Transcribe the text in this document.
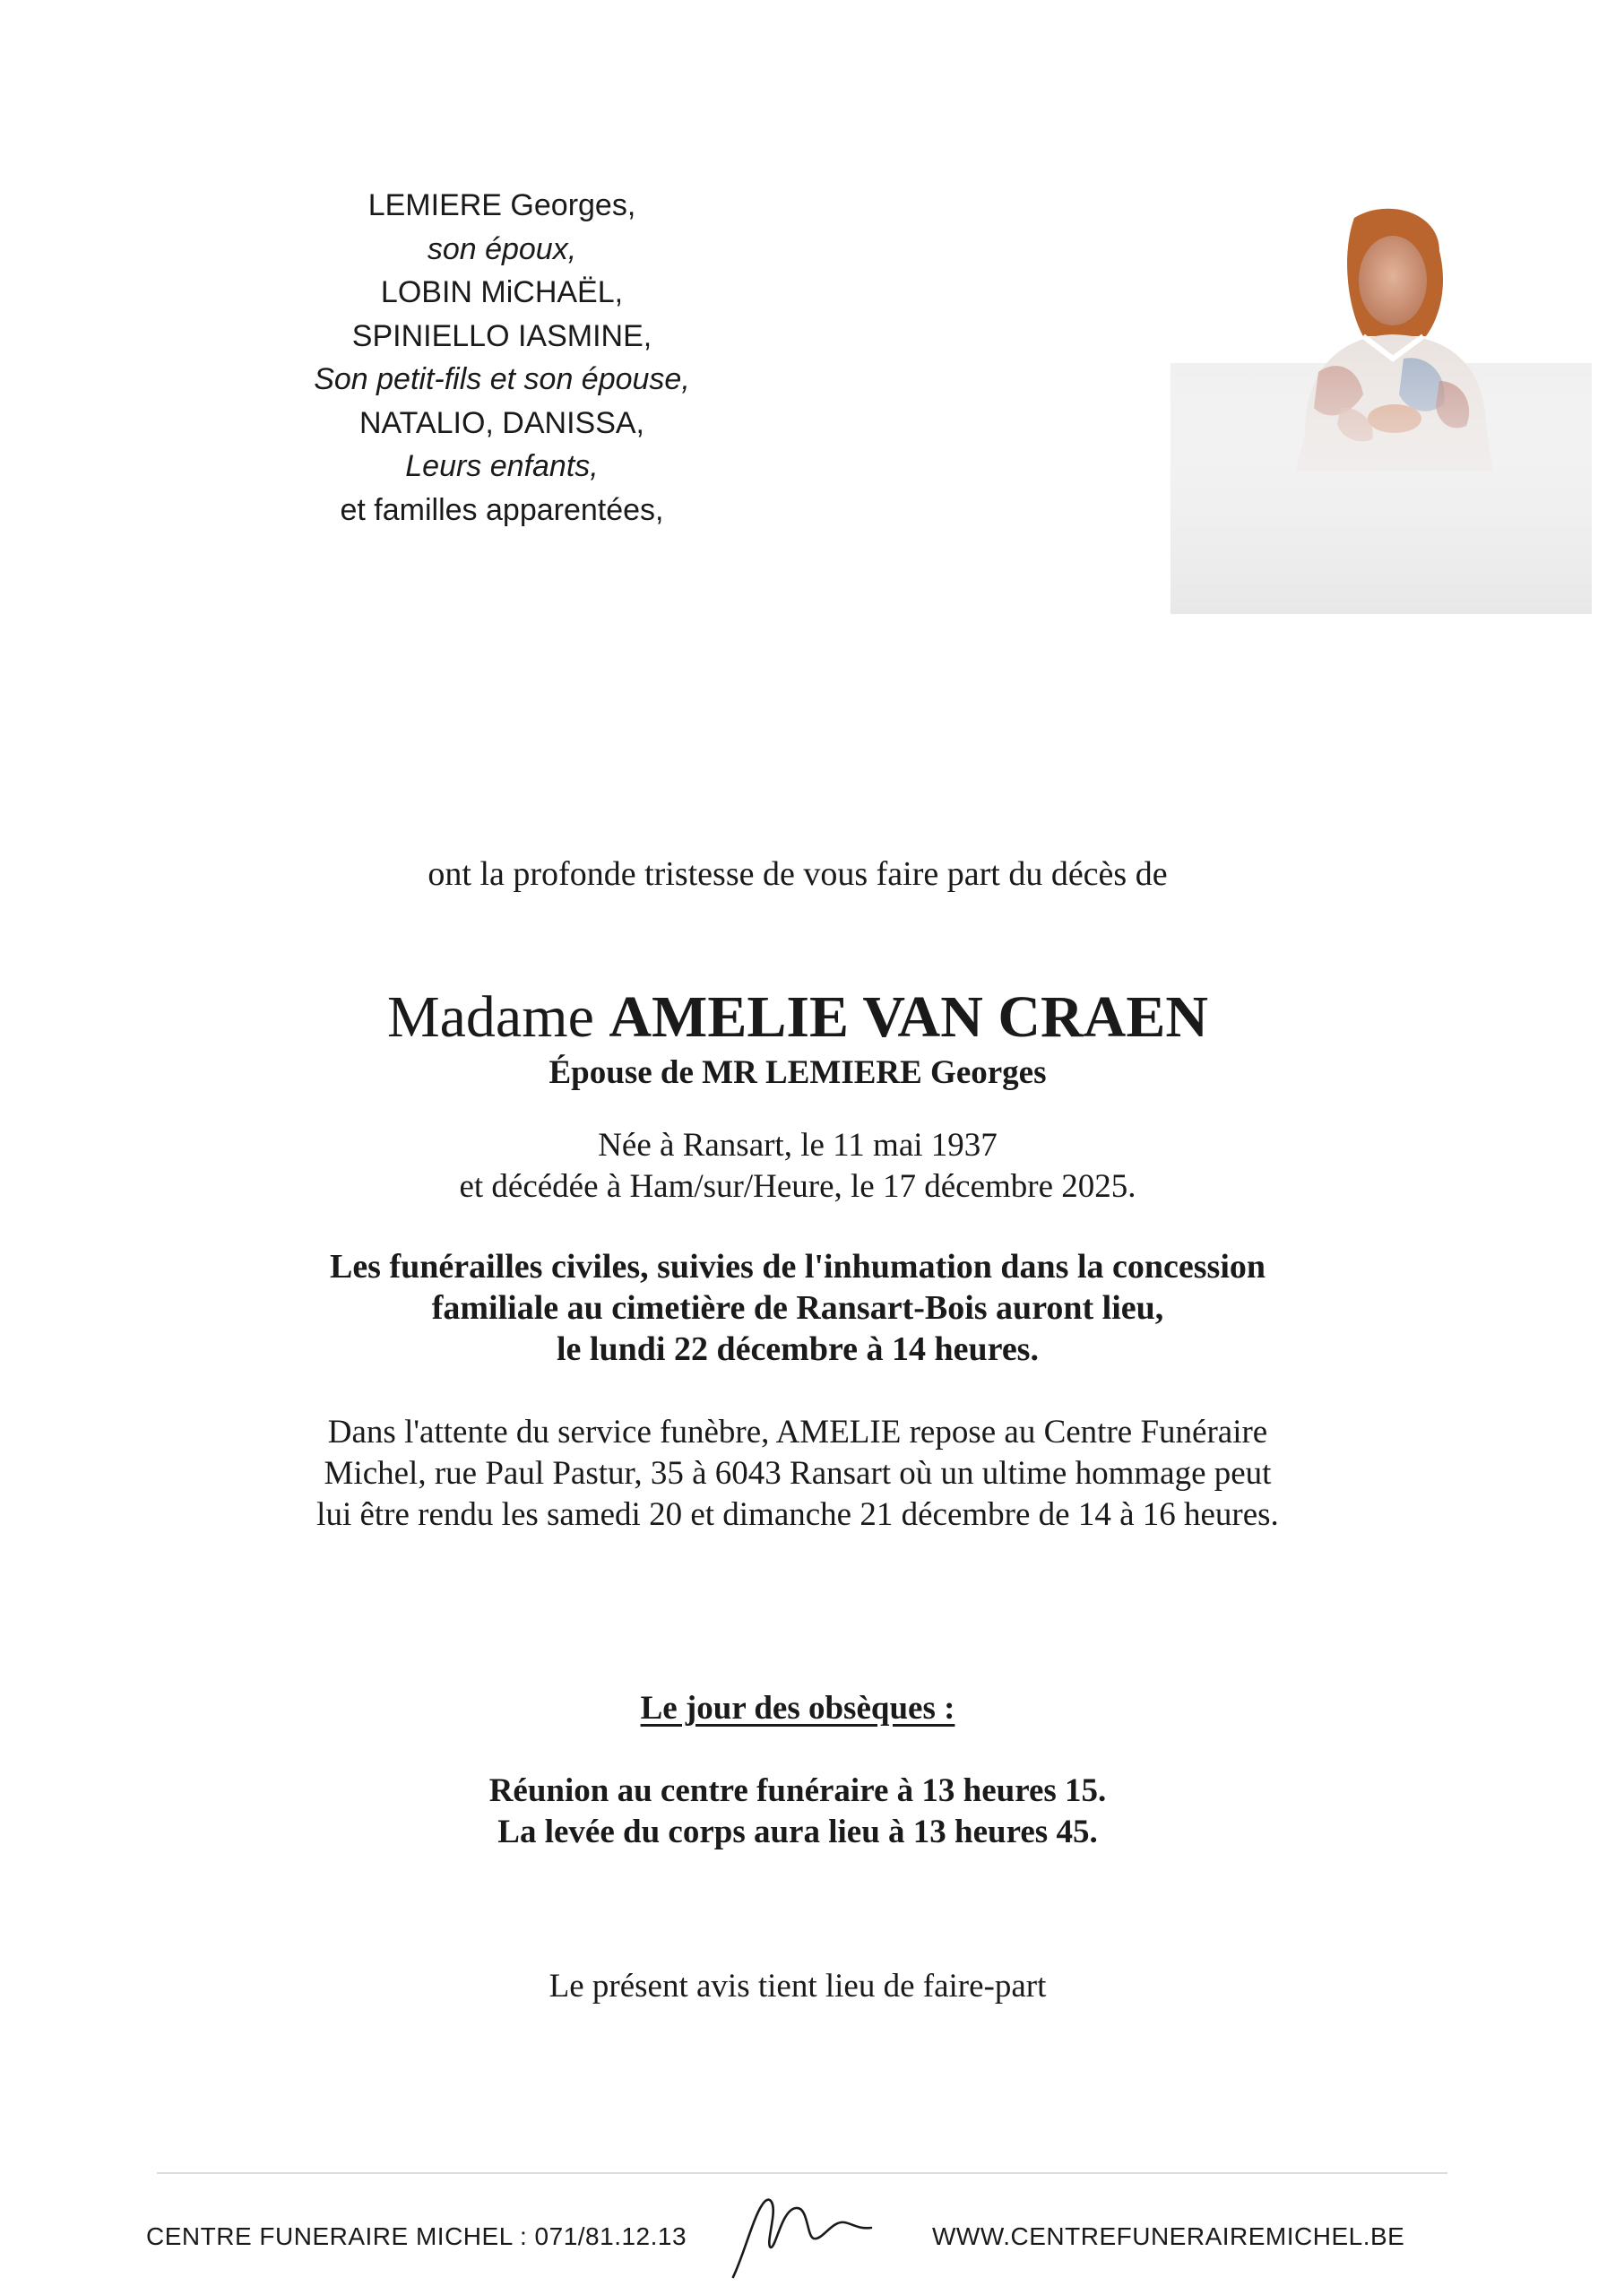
LEMIERE Georges,
son époux,
LOBIN MiCHAËL,
SPINIELLO IASMINE,
Son petit-fils et son épouse,
NATALIO, DANISSA,
Leurs enfants,
et familles apparentées,
ont la profonde tristesse de vous faire part du décès de
Madame AMELIE VAN CRAEN
Épouse de MR LEMIERE Georges
Née à Ransart, le 11 mai 1937
et décédée à Ham/sur/Heure, le 17 décembre 2025.
Les funérailles civiles, suivies de l'inhumation dans la concession
familiale au cimetière de Ransart-Bois auront lieu,
le lundi 22 décembre à 14 heures.
Dans l'attente du service funèbre, AMELIE repose au Centre Funéraire
Michel, rue Paul Pastur, 35 à 6043 Ransart où un ultime hommage peut
lui être rendu les samedi 20 et dimanche 21 décembre de 14 à 16 heures.
Le jour des obsèques :
Réunion au centre funéraire à 13 heures 15.
La levée du corps aura lieu à 13 heures 45.
Le présent avis tient lieu de faire-part
CENTRE FUNERAIRE MICHEL : 071/81.12.13	WWW.CENTREFUNERAIREMICHEL.BE
